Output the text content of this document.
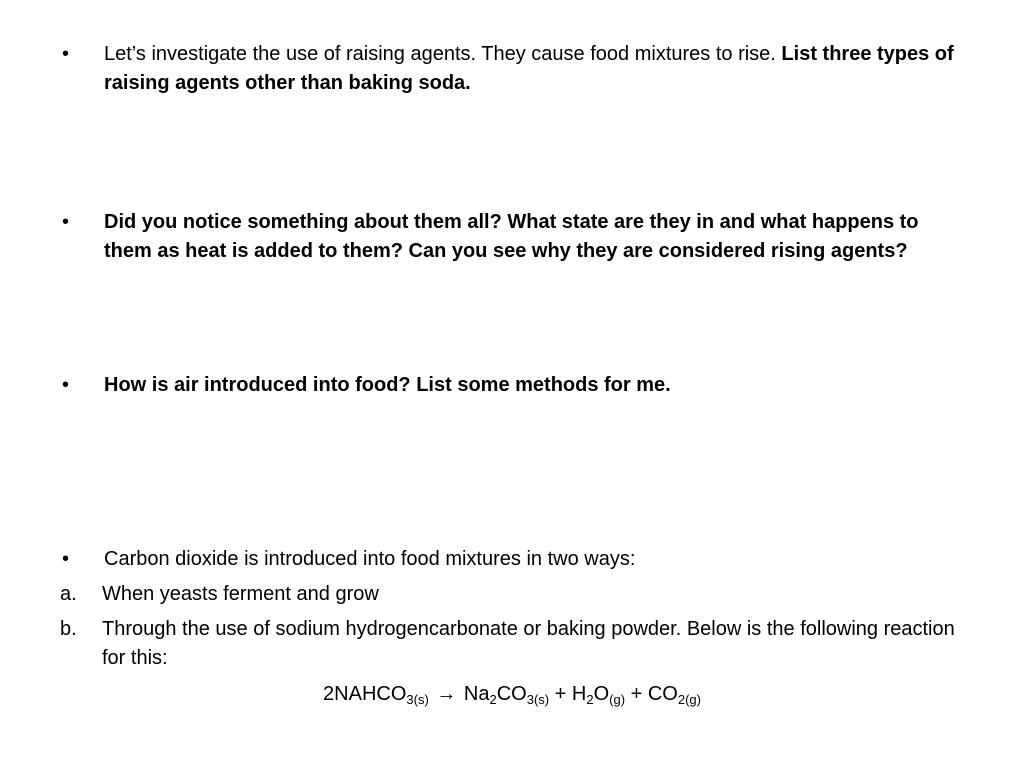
•	Let’s investigate the use of raising agents. They cause food mixtures to rise. List three types of raising agents other than baking soda.
•	Did you notice something about them all? What state are they in and what happens to them as heat is added to them? Can you see why they are considered rising agents?
•	How is air introduced into food? List some methods for me.
•	Carbon dioxide is introduced into food mixtures in two ways:
a.	When yeasts ferment and grow
b.	Through the use of sodium hydrogencarbonate or baking powder. Below is the following reaction for this:
$2NAHCO_{3(s)} \to Na_2CO_{3(s)} + H_2O_{(g)} + CO_{2(g)}$
